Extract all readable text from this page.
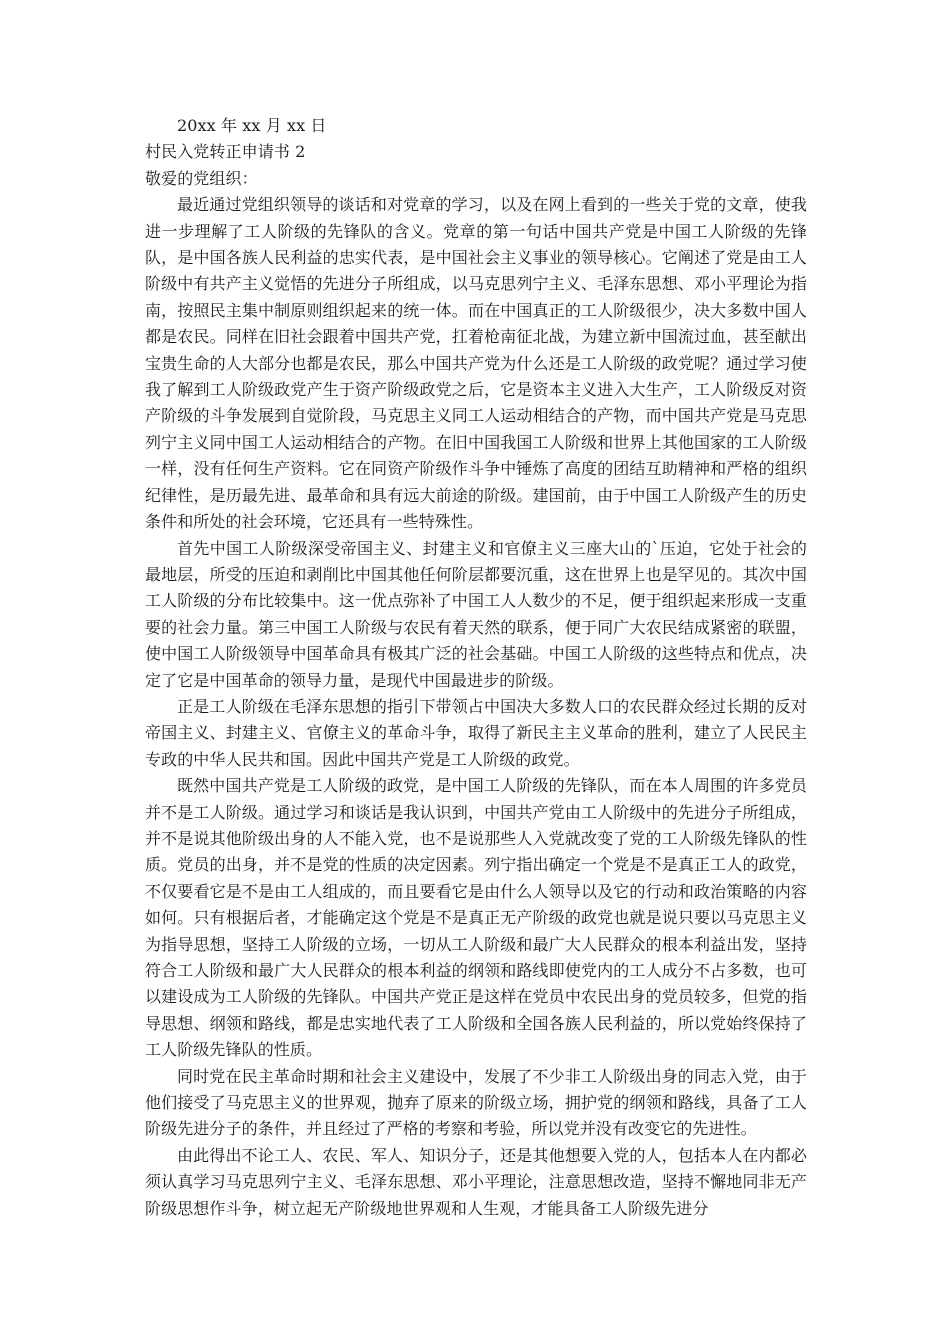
20xx 年 xx 月 xx 日

村民入党转正申请书 2

敬爱的党组织：

最近通过党组织领导的谈话和对党章的学习，以及在网上看到的一些关于党的文章，使我进一步理解了工人阶级的先锋队的含义。党章的第一句话中国共产党是中国工人阶级的先锋队，是中国各族人民利益的忠实代表，是中国社会主义事业的领导核心。它阐述了党是由工人阶级中有共产主义觉悟的先进分子所组成，以马克思列宁主义、毛泽东思想、邓小平理论为指南，按照民主集中制原则组织起来的统一体。而在中国真正的工人阶级很少，决大多数中国人都是农民。同样在旧社会跟着中国共产党，扛着枪南征北战，为建立新中国流过血，甚至献出宝贵生命的人大部分也都是农民，那么中国共产党为什么还是工人阶级的政党呢？通过学习使我了解到工人阶级政党产生于资产阶级政党之后，它是资本主义进入大生产，工人阶级反对资产阶级的斗争发展到自觉阶段，马克思主义同工人运动相结合的产物，而中国共产党是马克思列宁主义同中国工人运动相结合的产物。在旧中国我国工人阶级和世界上其他国家的工人阶级一样，没有任何生产资料。它在同资产阶级作斗争中锤炼了高度的团结互助精神和严格的组织纪律性，是历最先进、最革命和具有远大前途的阶级。建国前，由于中国工人阶级产生的历史条件和所处的社会环境，它还具有一些特殊性。

首先中国工人阶级深受帝国主义、封建主义和官僚主义三座大山的`压迫，它处于社会的最地层，所受的压迫和剥削比中国其他任何阶层都要沉重，这在世界上也是罕见的。其次中国工人阶级的分布比较集中。这一优点弥补了中国工人人数少的不足，便于组织起来形成一支重要的社会力量。第三中国工人阶级与农民有着天然的联系，便于同广大农民结成紧密的联盟，使中国工人阶级领导中国革命具有极其广泛的社会基础。中国工人阶级的这些特点和优点，决定了它是中国革命的领导力量，是现代中国最进步的阶级。

正是工人阶级在毛泽东思想的指引下带领占中国决大多数人口的农民群众经过长期的反对帝国主义、封建主义、官僚主义的革命斗争，取得了新民主主义革命的胜利，建立了人民民主专政的中华人民共和国。因此中国共产党是工人阶级的政党。

既然中国共产党是工人阶级的政党，是中国工人阶级的先锋队，而在本人周围的许多党员并不是工人阶级。通过学习和谈话是我认识到，中国共产党由工人阶级中的先进分子所组成，并不是说其他阶级出身的人不能入党，也不是说那些人入党就改变了党的工人阶级先锋队的性质。党员的出身，并不是党的性质的决定因素。列宁指出确定一个党是不是真正工人的政党，不仅要看它是不是由工人组成的，而且要看它是由什么人领导以及它的行动和政治策略的内容如何。只有根据后者，才能确定这个党是不是真正无产阶级的政党也就是说只要以马克思主义为指导思想，坚持工人阶级的立场，一切从工人阶级和最广大人民群众的根本利益出发，坚持符合工人阶级和最广大人民群众的根本利益的纲领和路线即使党内的工人成分不占多数，也可以建设成为工人阶级的先锋队。中国共产党正是这样在党员中农民出身的党员较多，但党的指导思想、纲领和路线，都是忠实地代表了工人阶级和全国各族人民利益的，所以党始终保持了工人阶级先锋队的性质。

同时党在民主革命时期和社会主义建设中，发展了不少非工人阶级出身的同志入党，由于他们接受了马克思主义的世界观，抛弃了原来的阶级立场，拥护党的纲领和路线，具备了工人阶级先进分子的条件，并且经过了严格的考察和考验，所以党并没有改变它的先进性。

由此得出不论工人、农民、军人、知识分子，还是其他想要入党的人，包括本人在内都必须认真学习马克思列宁主义、毛泽东思想、邓小平理论，注意思想改造，坚持不懈地同非无产阶级思想作斗争，树立起无产阶级地世界观和人生观，才能具备工人阶级先进分
